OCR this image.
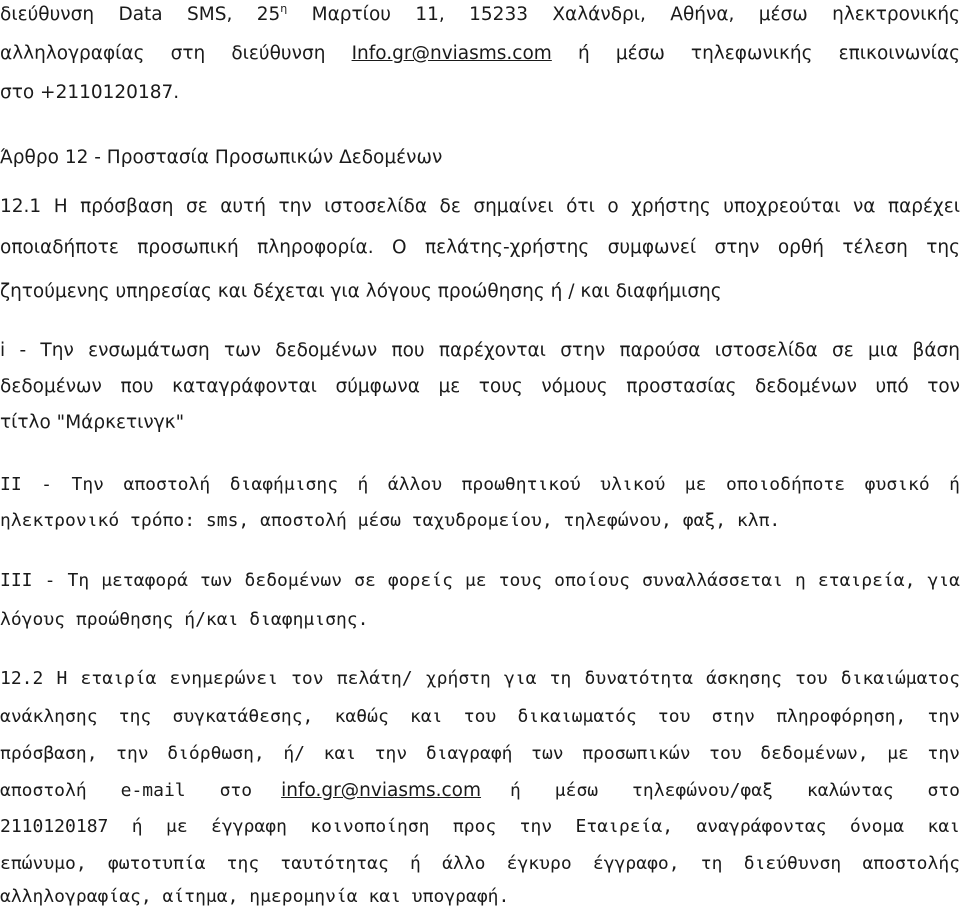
διεύθυνση Data SMS, $25^\eta$ Μαρτίου 11, 15233 Χαλάνδρι, Αθήνα, μέσω ηλεκτρονικής
αλληλογραφίας στη διεύθυνση Info.gr@nviasms.com ή μέσω τηλεφωνικής επικοινωνίας
στο +2110120187.
Άρθρο 12 - Προστασία Προσωπικών Δεδομένων
12.1 Η πρόσβαση σε αυτή την ιστοσελίδα δε σημαίνει ότι ο χρήστης υποχρεούται να παρέχει
οποιαδήποτε προσωπική πληροφορία. Ο πελάτης-χρήστης συμφωνεί στην ορθή τέλεση της
ζητούμενης υπηρεσίας και δέχεται για λόγους προώθησης ή / και διαφήμισης
i - Την ενσωμάτωση των δεδομένων που παρέχονται στην παρούσα ιστοσελίδα σε μια βάση
δεδομένων που καταγράφονται σύμφωνα με τους νόμους προστασίας δεδομένων υπό τον
τίτλο "Μάρκετινγκ"
II - Την αποστολή διαφήμισης ή άλλου προωθητικού υλικού με οποιοδήποτε φυσικό ή
ηλεκτρονικό τρόπο: sms, αποστολή μέσω ταχυδρομείου, τηλεφώνου, φαξ, κλπ.
III - Τη μεταφορά των δεδομένων σε φορείς με τους οποίους συναλλάσσεται η εταιρεία, για
λόγους προώθησης ή/και διαφημισης.
12.2 Η εταιρία ενημερώνει τον πελάτη/ χρήστη για τη δυνατότητα άσκησης του δικαιώματος
ανάκλησης της συγκατάθεσης, καθώς και του δικαιωματός του στην πληροφόρηση, την
πρόσβαση, την διόρθωση, ή/ και την διαγραφή των προσωπικών του δεδομένων, με την
αποστολή e-mail στο info.gr@nviasms.com ή μέσω τηλεφώνου/φαξ καλώντας στο
2110120187 ή με έγγραφη κοινοποίηση προς την Εταιρεία, αναγράφοντας όνομα και
επώνυμο, φωτοτυπία της ταυτότητας ή άλλο έγκυρο έγγραφο, τη διεύθυνση αποστολής
αλληλογραφίας, αίτημα, ημερομηνία και υπογραφή.
